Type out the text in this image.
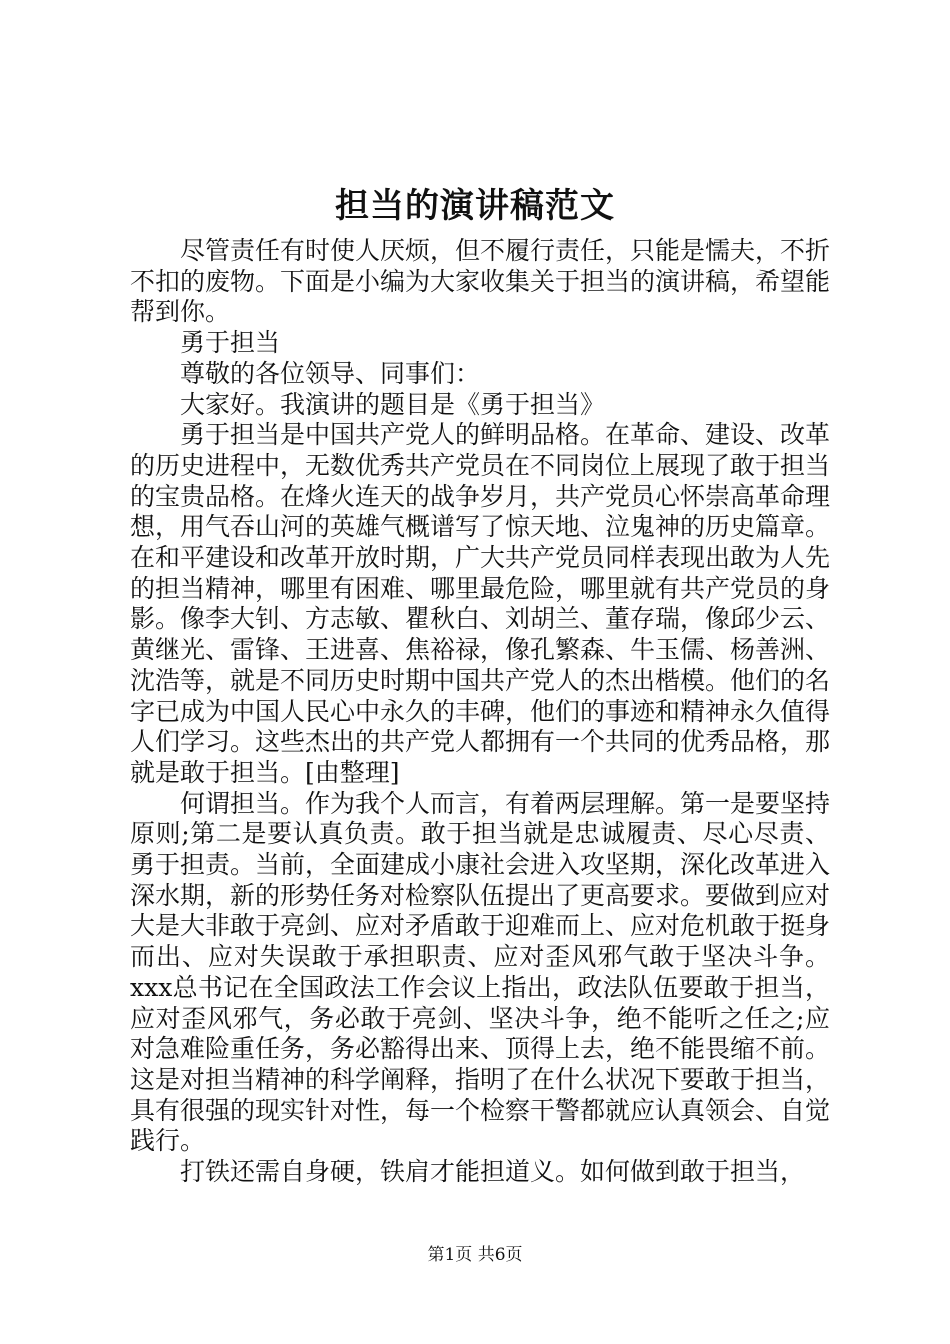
担当的演讲稿范文

尽管责任有时使人厌烦，但不履行责任，只能是懦夫，不折不扣的废物。下面是小编为大家收集关于担当的演讲稿，希望能帮到你。

勇于担当

尊敬的各位领导、同事们：

大家好。我演讲的题目是《勇于担当》

勇于担当是中国共产党人的鲜明品格。在革命、建设、改革的历史进程中，无数优秀共产党员在不同岗位上展现了敢于担当的宝贵品格。在烽火连天的战争岁月，共产党员心怀崇高革命理想，用气吞山河的英雄气概谱写了惊天地、泣鬼神的历史篇章。在和平建设和改革开放时期，广大共产党员同样表现出敢为人先的担当精神，哪里有困难、哪里最危险，哪里就有共产党员的身影。像李大钊、方志敏、瞿秋白、刘胡兰、董存瑞，像邱少云、黄继光、雷锋、王进喜、焦裕禄，像孔繁森、牛玉儒、杨善洲、沈浩等，就是不同历史时期中国共产党人的杰出楷模。他们的名字已成为中国人民心中永久的丰碑，他们的事迹和精神永久值得人们学习。这些杰出的共产党人都拥有一个共同的优秀品格，那就是敢于担当。[由整理]

何谓担当。作为我个人而言，有着两层理解。第一是要坚持原则;第二是要认真负责。敢于担当就是忠诚履责、尽心尽责、勇于担责。当前，全面建成小康社会进入攻坚期，深化改革进入深水期，新的形势任务对检察队伍提出了更高要求。要做到应对大是大非敢于亮剑、应对矛盾敢于迎难而上、应对危机敢于挺身而出、应对失误敢于承担职责、应对歪风邪气敢于坚决斗争。xxx总书记在全国政法工作会议上指出，政法队伍要敢于担当，应对歪风邪气，务必敢于亮剑、坚决斗争，绝不能听之任之;应对急难险重任务，务必豁得出来、顶得上去，绝不能畏缩不前。这是对担当精神的科学阐释，指明了在什么状况下要敢于担当，具有很强的现实针对性，每一个检察干警都就应认真领会、自觉践行。

打铁还需自身硬，铁肩才能担道义。如何做到敢于担当，

第1页 共6页
